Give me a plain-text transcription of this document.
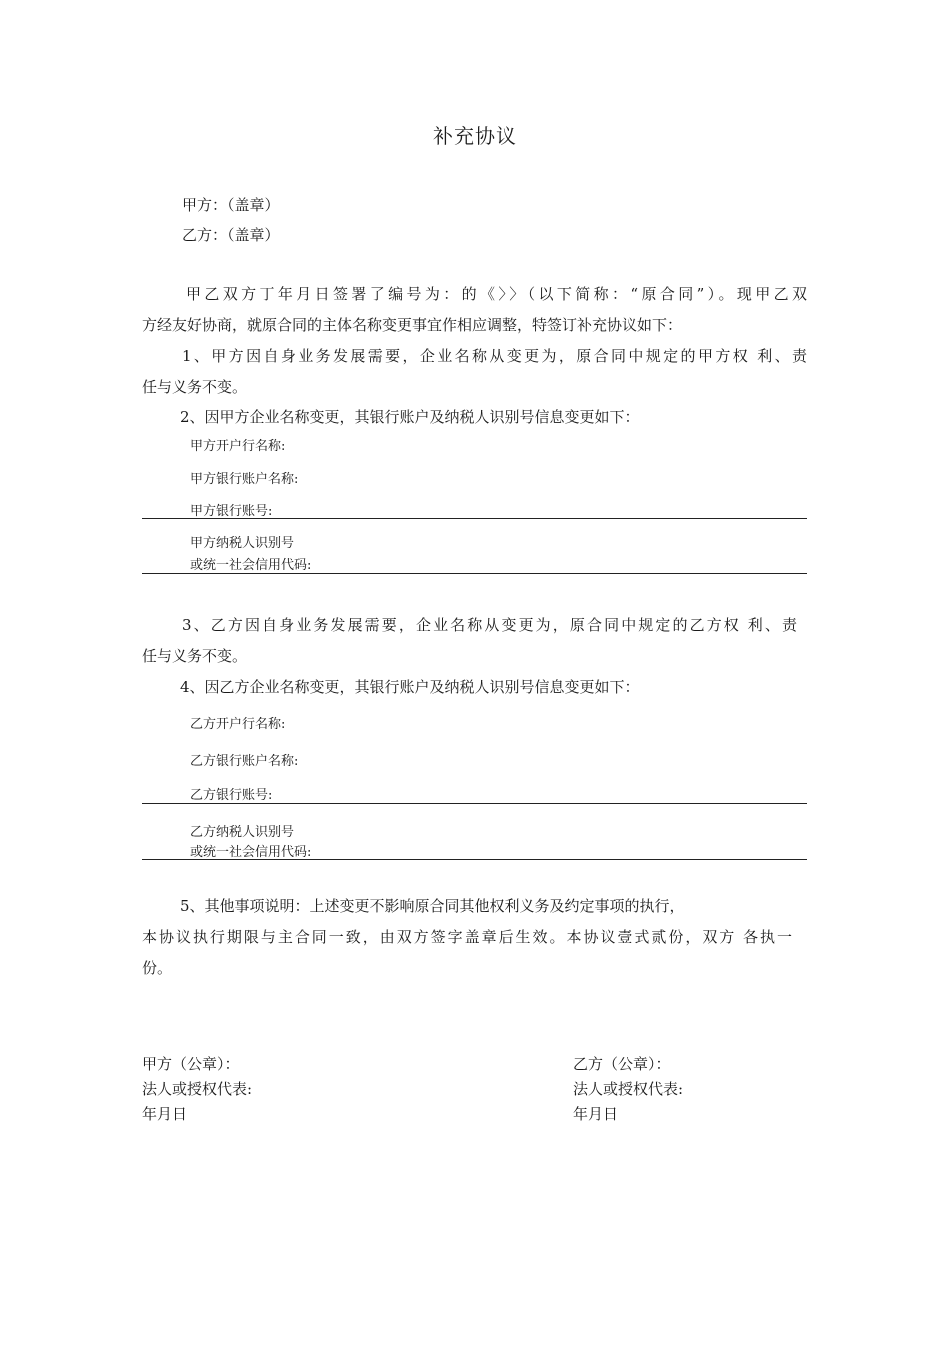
补充协议
甲方：（盖章）
乙方：（盖章）
甲乙双方丁年月日签署了编号为：的《〉〉（以下简称：“原合同”）。现甲乙双
方经友好协商，就原合同的主体名称变更事宜作相应调整，特签订补充协议如下：
1、甲方因自身业务发展需要，企业名称从变更为，原合同中规定的甲方权 利、责
任与义务不变。
2、因甲方企业名称变更，其银行账户及纳税人识别号信息变更如下：
甲方开户行名称:
甲方银行账户名称:
甲方银行账号:
甲方纳税人识别号
或统一社会信用代码:
3、乙方因自身业务发展需要，企业名称从变更为，原合同中规定的乙方权 利、责
任与义务不变。
4、因乙方企业名称变更，其银行账户及纳税人识别号信息变更如下：
乙方开户行名称:
乙方银行账户名称:
乙方银行账号:
乙方纳税人识别号
或统一社会信用代码:
5、其他事项说明：上述变更不影响原合同其他权利义务及约定事项的执行，
本协议执行期限与主合同一致，由双方签字盖章后生效。本协议壹式贰份，双方 各执一
份。
甲方（公章）：
法人或授权代表:
年月日
乙方（公章）：
法人或授权代表:
年月日
